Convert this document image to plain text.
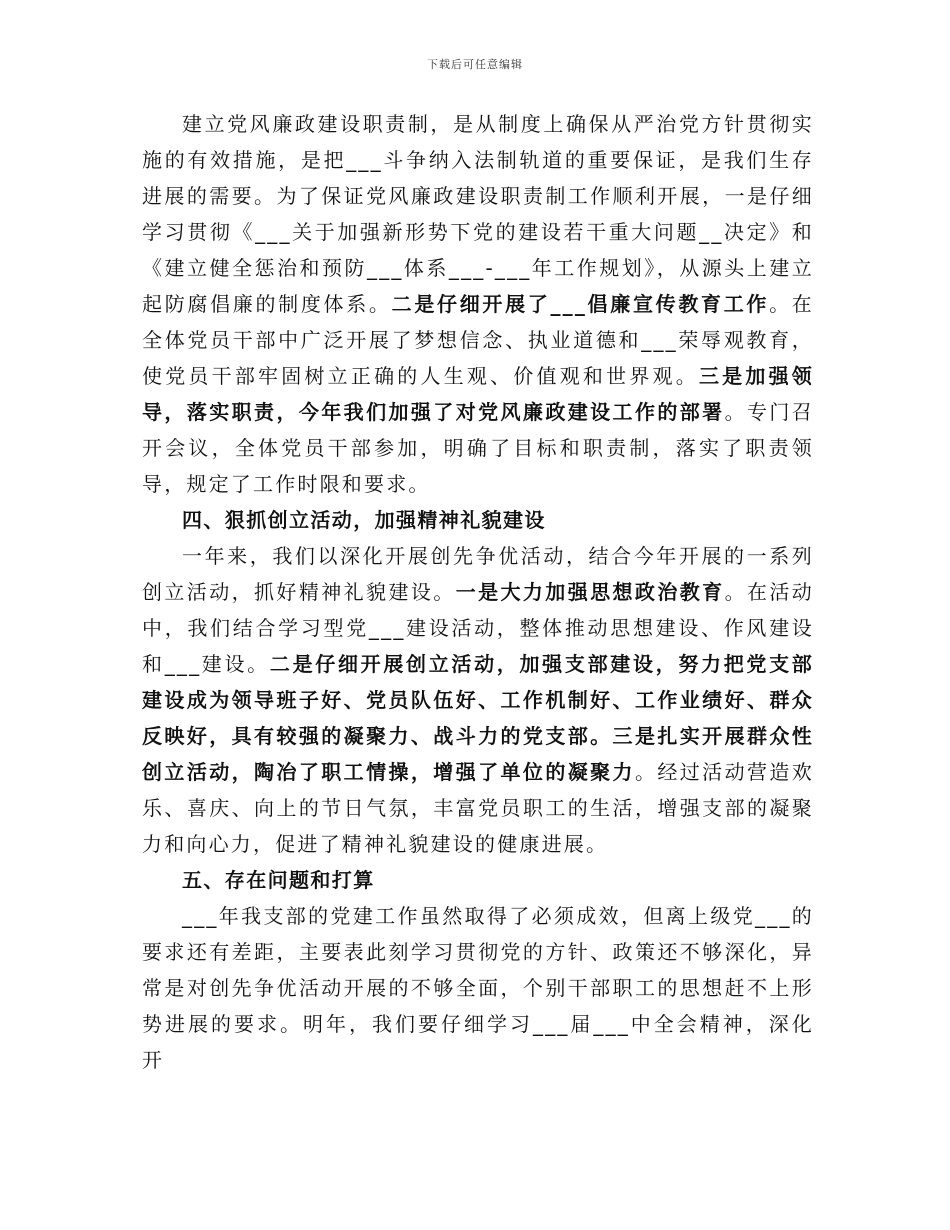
下载后可任意编辑

建立党风廉政建设职责制，是从制度上确保从严治党方针贯彻实施的有效措施，是把___斗争纳入法制轨道的重要保证，是我们生存进展的需要。为了保证党风廉政建设职责制工作顺利开展，一是仔细学习贯彻《___关于加强新形势下党的建设若干重大问题__决定》和《建立健全惩治和预防___体系___-___年工作规划》，从源头上建立起防腐倡廉的制度体系。二是仔细开展了___倡廉宣传教育工作。在全体党员干部中广泛开展了梦想信念、执业道德和___荣辱观教育，使党员干部牢固树立正确的人生观、价值观和世界观。三是加强领导，落实职责，今年我们加强了对党风廉政建设工作的部署。专门召开会议，全体党员干部参加，明确了目标和职责制，落实了职责领导，规定了工作时限和要求。

四、狠抓创立活动，加强精神礼貌建设

一年来，我们以深化开展创先争优活动，结合今年开展的一系列创立活动，抓好精神礼貌建设。一是大力加强思想政治教育。在活动中，我们结合学习型党___建设活动，整体推动思想建设、作风建设和___建设。二是仔细开展创立活动，加强支部建设，努力把党支部建设成为领导班子好、党员队伍好、工作机制好、工作业绩好、群众反映好，具有较强的凝聚力、战斗力的党支部。三是扎实开展群众性创立活动，陶冶了职工情操，增强了单位的凝聚力。经过活动营造欢乐、喜庆、向上的节日气氛，丰富党员职工的生活，增强支部的凝聚力和向心力，促进了精神礼貌建设的健康进展。

五、存在问题和打算

___年我支部的党建工作虽然取得了必须成效，但离上级党___的要求还有差距，主要表此刻学习贯彻党的方针、政策还不够深化，异常是对创先争优活动开展的不够全面，个别干部职工的思想赶不上形势进展的要求。明年，我们要仔细学习___届___中全会精神，深化开
